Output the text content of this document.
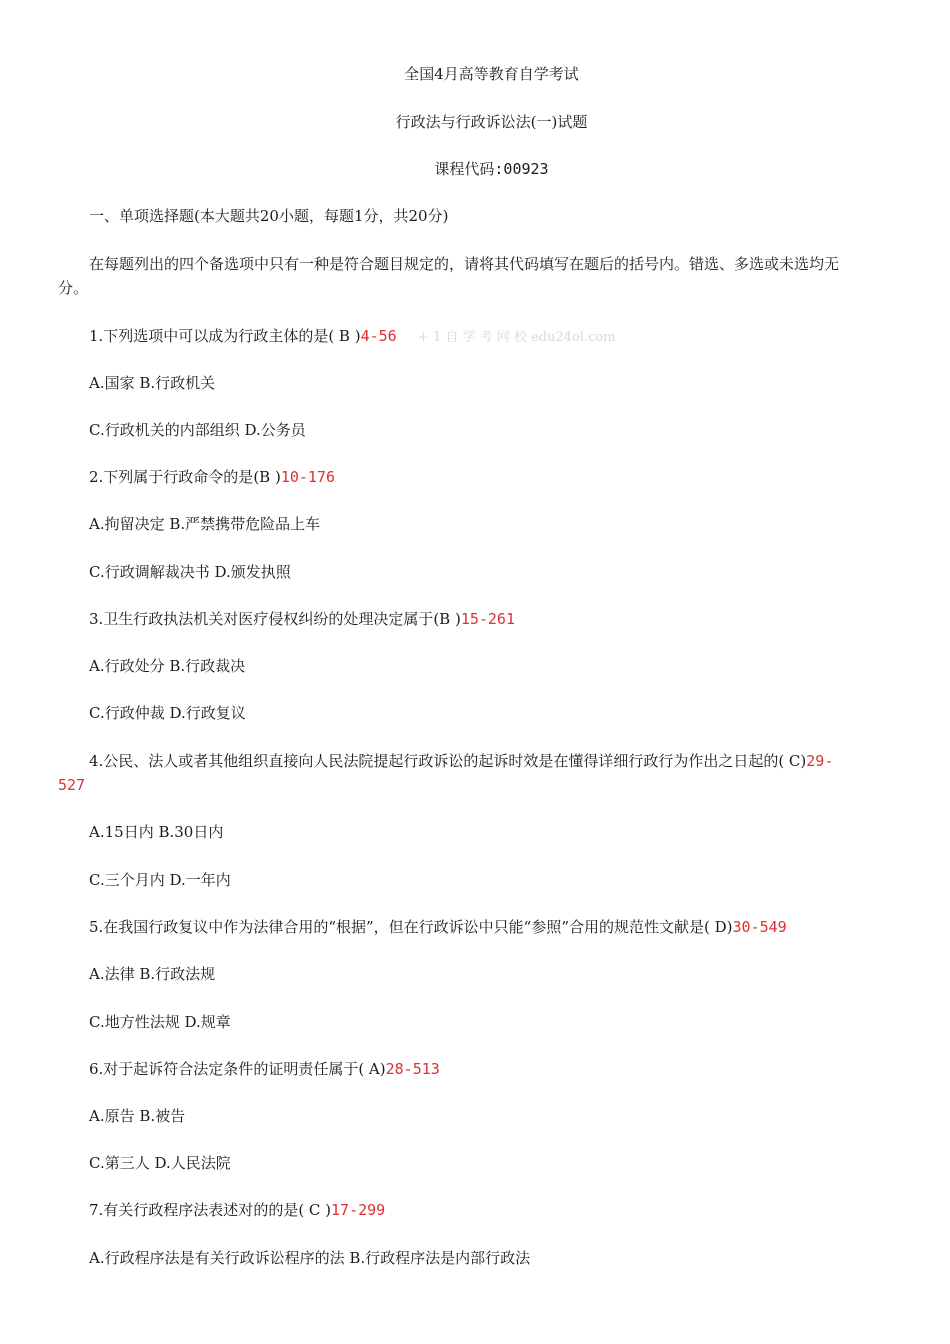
全国4月高等教育自学考试
行政法与行政诉讼法(一)试题
课程代码:00923
一、单项选择题(本大题共20小题，每题1分，共20分)
在每题列出的四个备选项中只有一种是符合题目规定的，请将其代码填写在题后的括号内。错选、多选或未选均无
分。
1.下列选项中可以成为行政主体的是( B )4-56 + 1 自 学 考 网 校 edu24ol.com
A.国家 B.行政机关
C.行政机关的内部组织 D.公务员
2.下列属于行政命令的是(B )10-176
A.拘留决定 B.严禁携带危险品上车
C.行政调解裁决书 D.颁发执照
3.卫生行政执法机关对医疗侵权纠纷的处理决定属于(B )15-261
A.行政处分 B.行政裁决
C.行政仲裁 D.行政复议
4.公民、法人或者其他组织直接向人民法院提起行政诉讼的起诉时效是在懂得详细行政行为作出之日起的( C)29-
527
A.15日内 B.30日内
C.三个月内 D.一年内
5.在我国行政复议中作为法律合用的“根据”，但在行政诉讼中只能“参照”合用的规范性文献是( D)30-549
A.法律 B.行政法规
C.地方性法规 D.规章
6.对于起诉符合法定条件的证明责任属于( A)28-513
A.原告 B.被告
C.第三人 D.人民法院
7.有关行政程序法表述对的的是( C )17-299
A.行政程序法是有关行政诉讼程序的法 B.行政程序法是内部行政法
